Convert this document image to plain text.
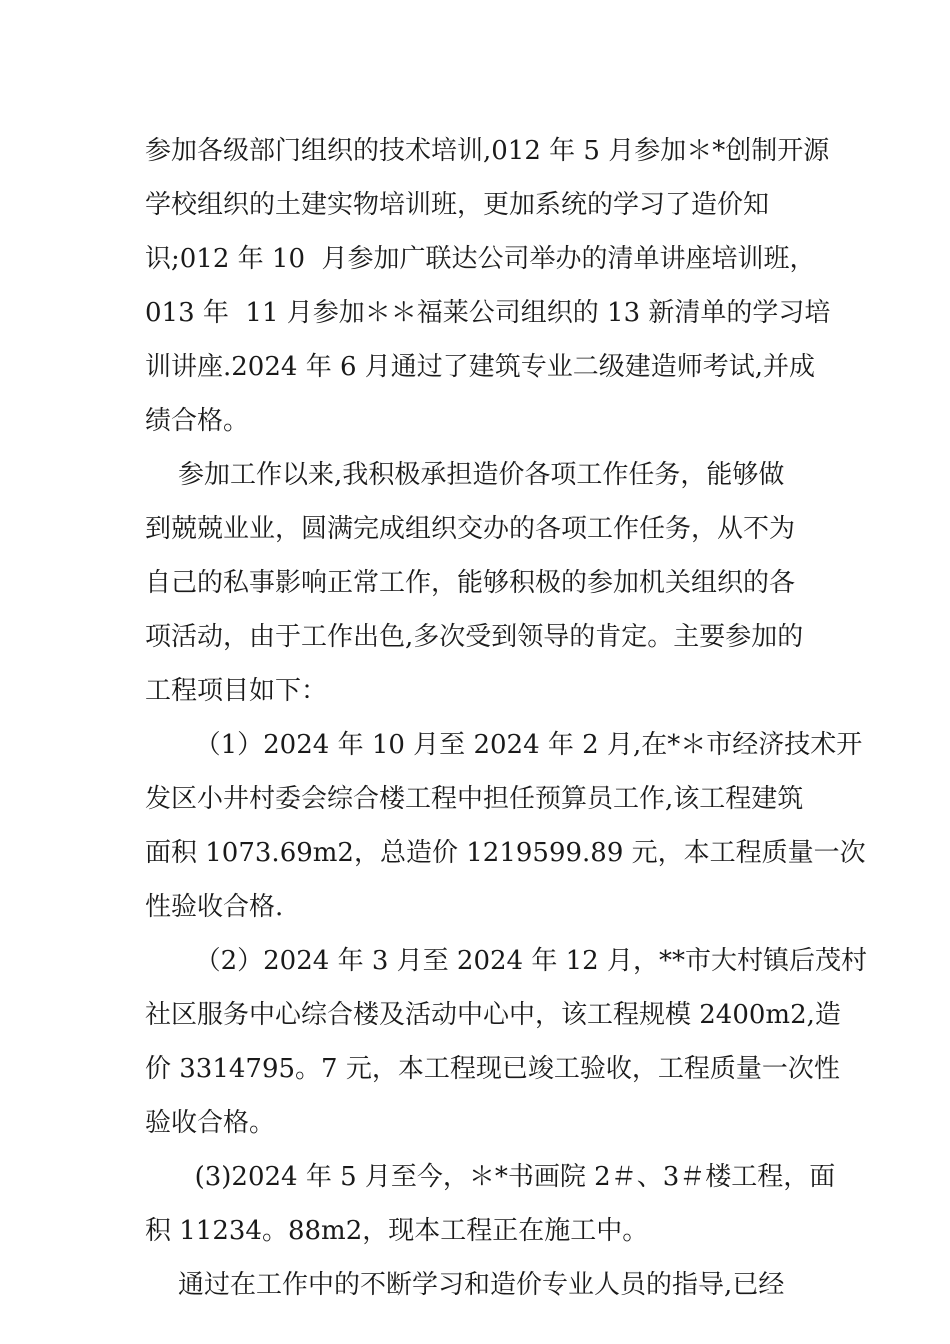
参加各级部门组织的技术培训,012 年 5 月参加＊*创制开源
学校组织的土建实物培训班，更加系统的学习了造价知
识;012 年 10  月参加广联达公司举办的清单讲座培训班，
013 年  11 月参加＊＊福莱公司组织的 13 新清单的学习培
训讲座.2024 年 6 月通过了建筑专业二级建造师考试,并成
绩合格。
参加工作以来,我积极承担造价各项工作任务，能够做
到兢兢业业，圆满完成组织交办的各项工作任务，从不为
自己的私事影响正常工作，能够积极的参加机关组织的各
项活动，由于工作出色,多次受到领导的肯定。主要参加的
工程项目如下：
（1）2024 年 10 月至 2024 年 2 月,在*＊市经济技术开
发区小井村委会综合楼工程中担任预算员工作,该工程建筑
面积 1073.69m2，总造价 1219599.89 元，本工程质量一次
性验收合格.
（2）2024 年 3 月至 2024 年 12 月，**市大村镇后茂村
社区服务中心综合楼及活动中心中，该工程规模 2400m2,造
价 3314795。7 元，本工程现已竣工验收，工程质量一次性
验收合格。
(3)2024 年 5 月至今，＊*书画院 2＃、3＃楼工程，面
积 11234。88m2，现本工程正在施工中。
通过在工作中的不断学习和造价专业人员的指导,已经
